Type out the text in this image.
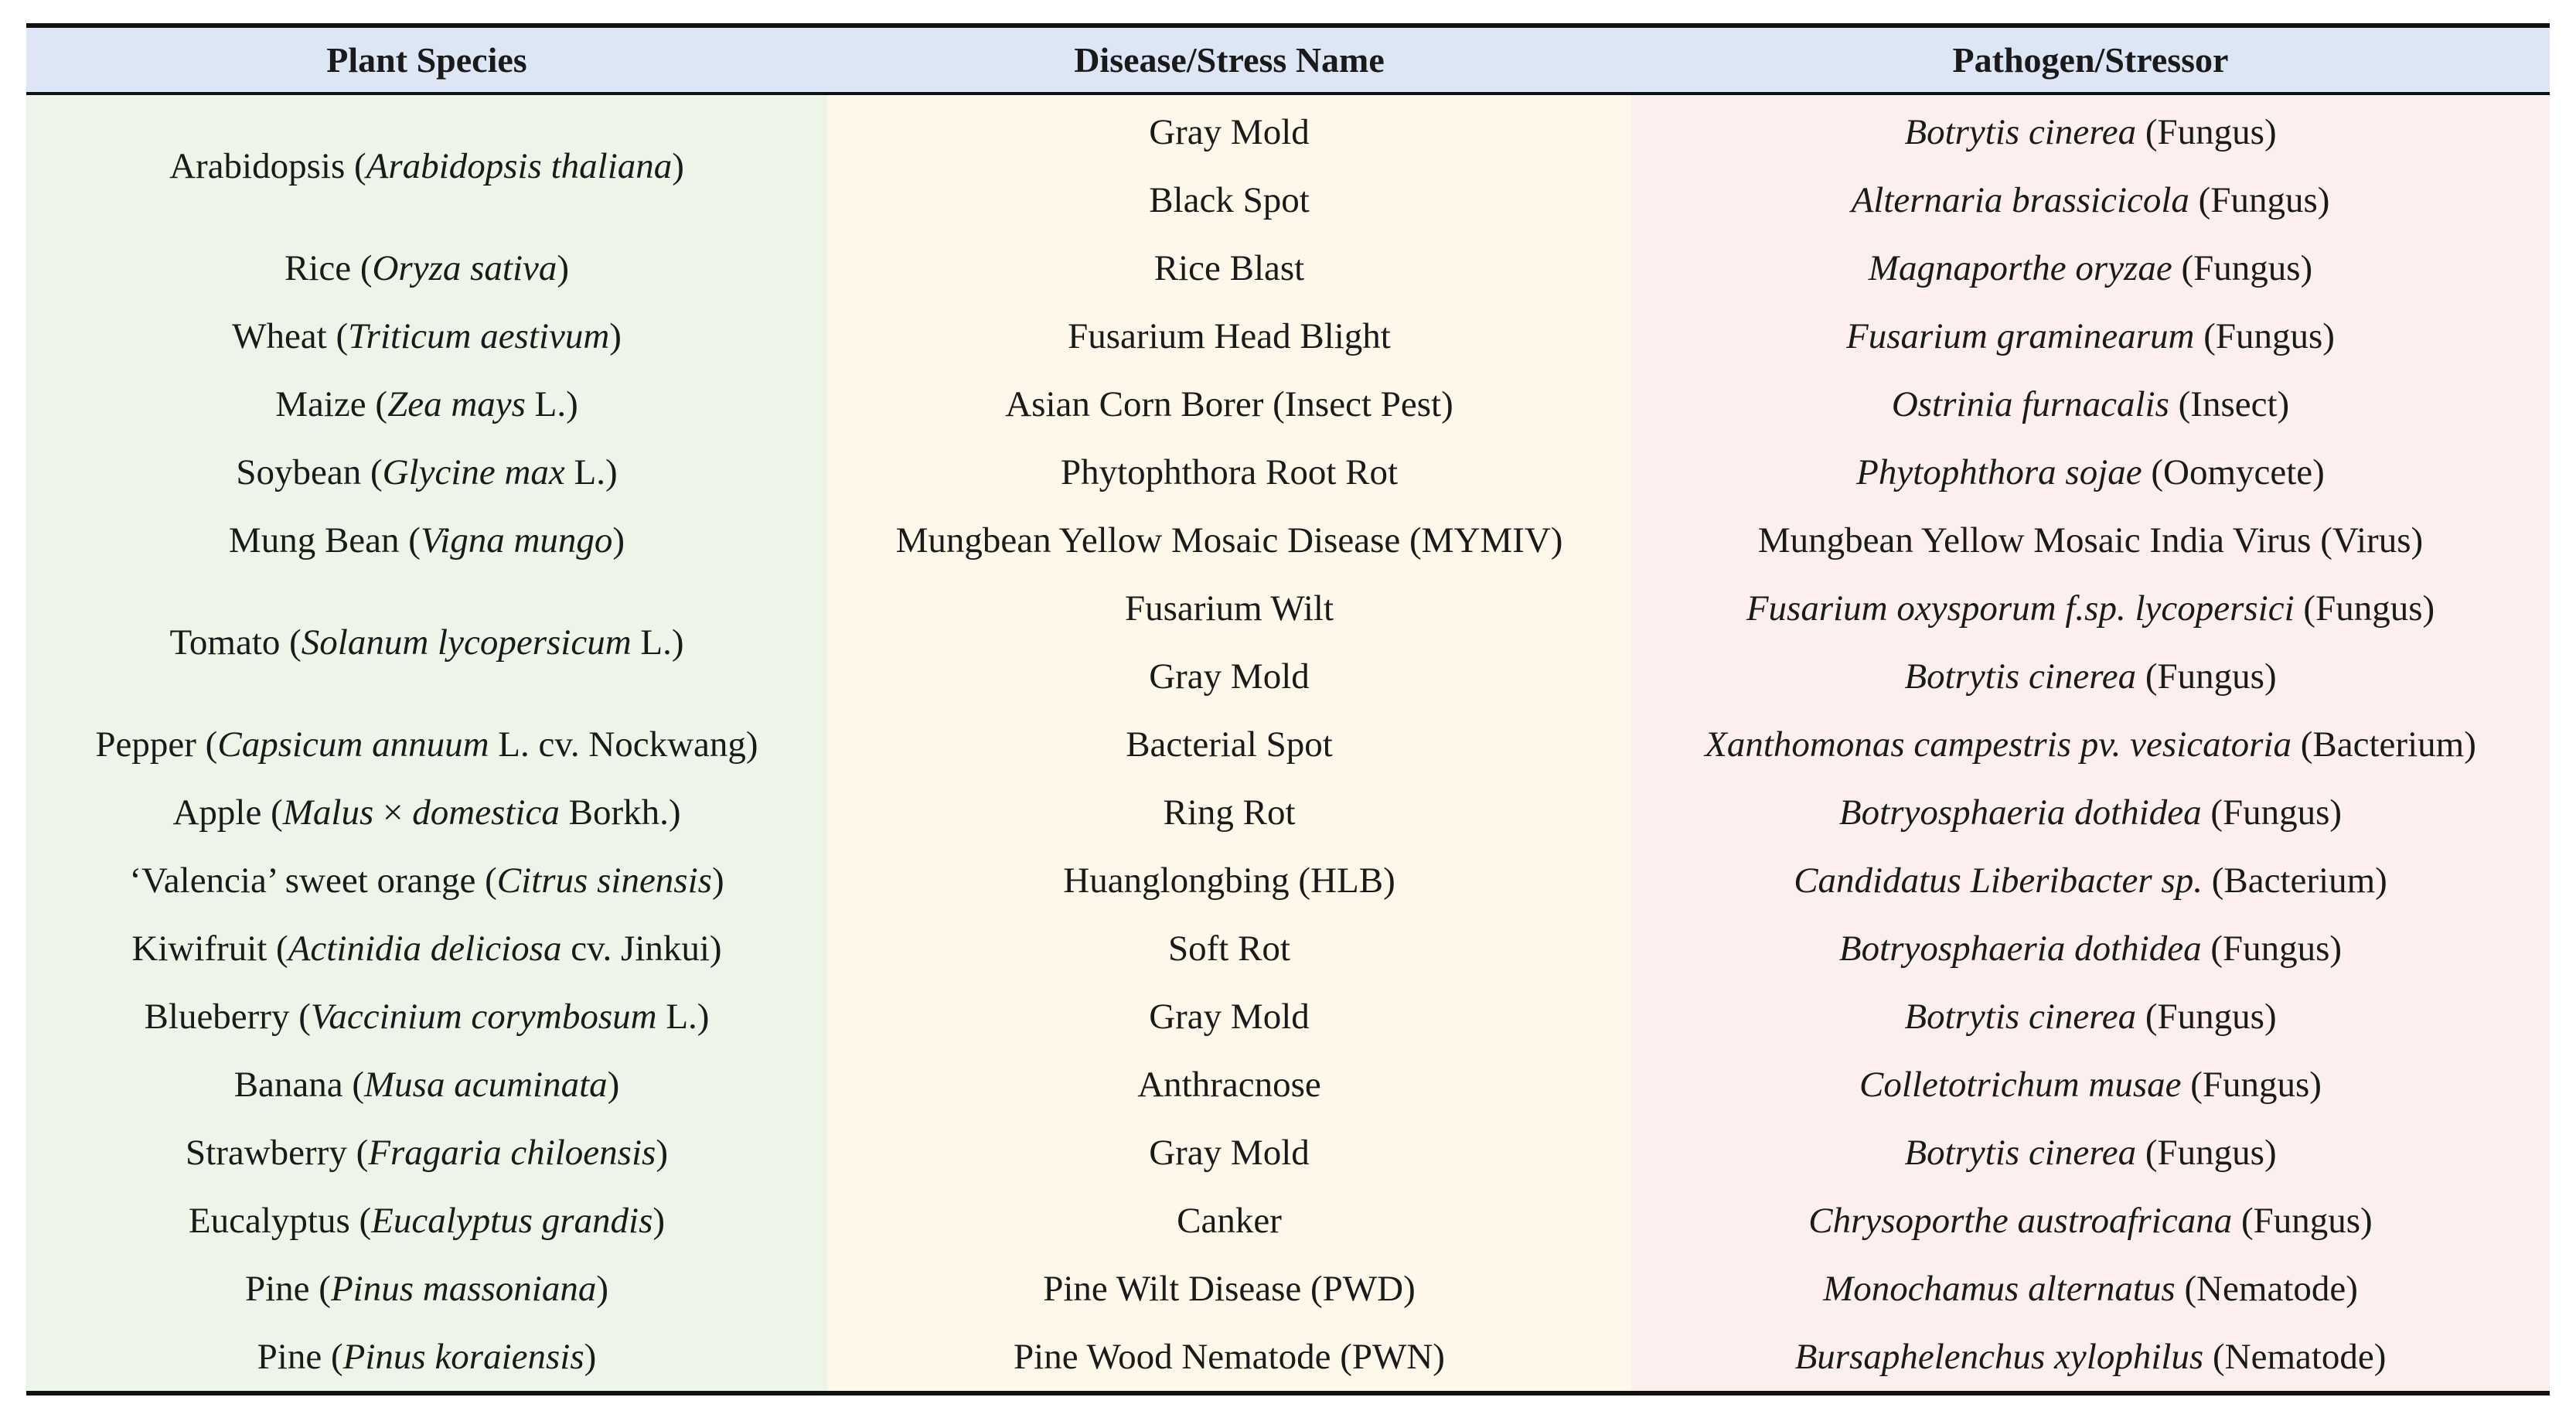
Plant Species	Disease/Stress Name	Pathogen/Stressor
Arabidopsis (Arabidopsis thaliana)	Gray Mold	Botrytis cinerea (Fungus)
	Black Spot	Alternaria brassicicola (Fungus)
Rice (Oryza sativa)	Rice Blast	Magnaporthe oryzae (Fungus)
Wheat (Triticum aestivum)	Fusarium Head Blight	Fusarium graminearum (Fungus)
Maize (Zea mays L.)	Asian Corn Borer (Insect Pest)	Ostrinia furnacalis (Insect)
Soybean (Glycine max L.)	Phytophthora Root Rot	Phytophthora sojae (Oomycete)
Mung Bean (Vigna mungo)	Mungbean Yellow Mosaic Disease (MYMIV)	Mungbean Yellow Mosaic India Virus (Virus)
Tomato (Solanum lycopersicum L.)	Fusarium Wilt	Fusarium oxysporum f.sp. lycopersici (Fungus)
	Gray Mold	Botrytis cinerea (Fungus)
Pepper (Capsicum annuum L. cv. Nockwang)	Bacterial Spot	Xanthomonas campestris pv. vesicatoria (Bacterium)
Apple (Malus × domestica Borkh.)	Ring Rot	Botryosphaeria dothidea (Fungus)
‘Valencia’ sweet orange (Citrus sinensis)	Huanglongbing (HLB)	Candidatus Liberibacter sp. (Bacterium)
Kiwifruit (Actinidia deliciosa cv. Jinkui)	Soft Rot	Botryosphaeria dothidea (Fungus)
Blueberry (Vaccinium corymbosum L.)	Gray Mold	Botrytis cinerea (Fungus)
Banana (Musa acuminata)	Anthracnose	Colletotrichum musae (Fungus)
Strawberry (Fragaria chiloensis)	Gray Mold	Botrytis cinerea (Fungus)
Eucalyptus (Eucalyptus grandis)	Canker	Chrysoporthe austroafricana (Fungus)
Pine (Pinus massoniana)	Pine Wilt Disease (PWD)	Monochamus alternatus (Nematode)
Pine (Pinus koraiensis)	Pine Wood Nematode (PWN)	Bursaphelenchus xylophilus (Nematode)
